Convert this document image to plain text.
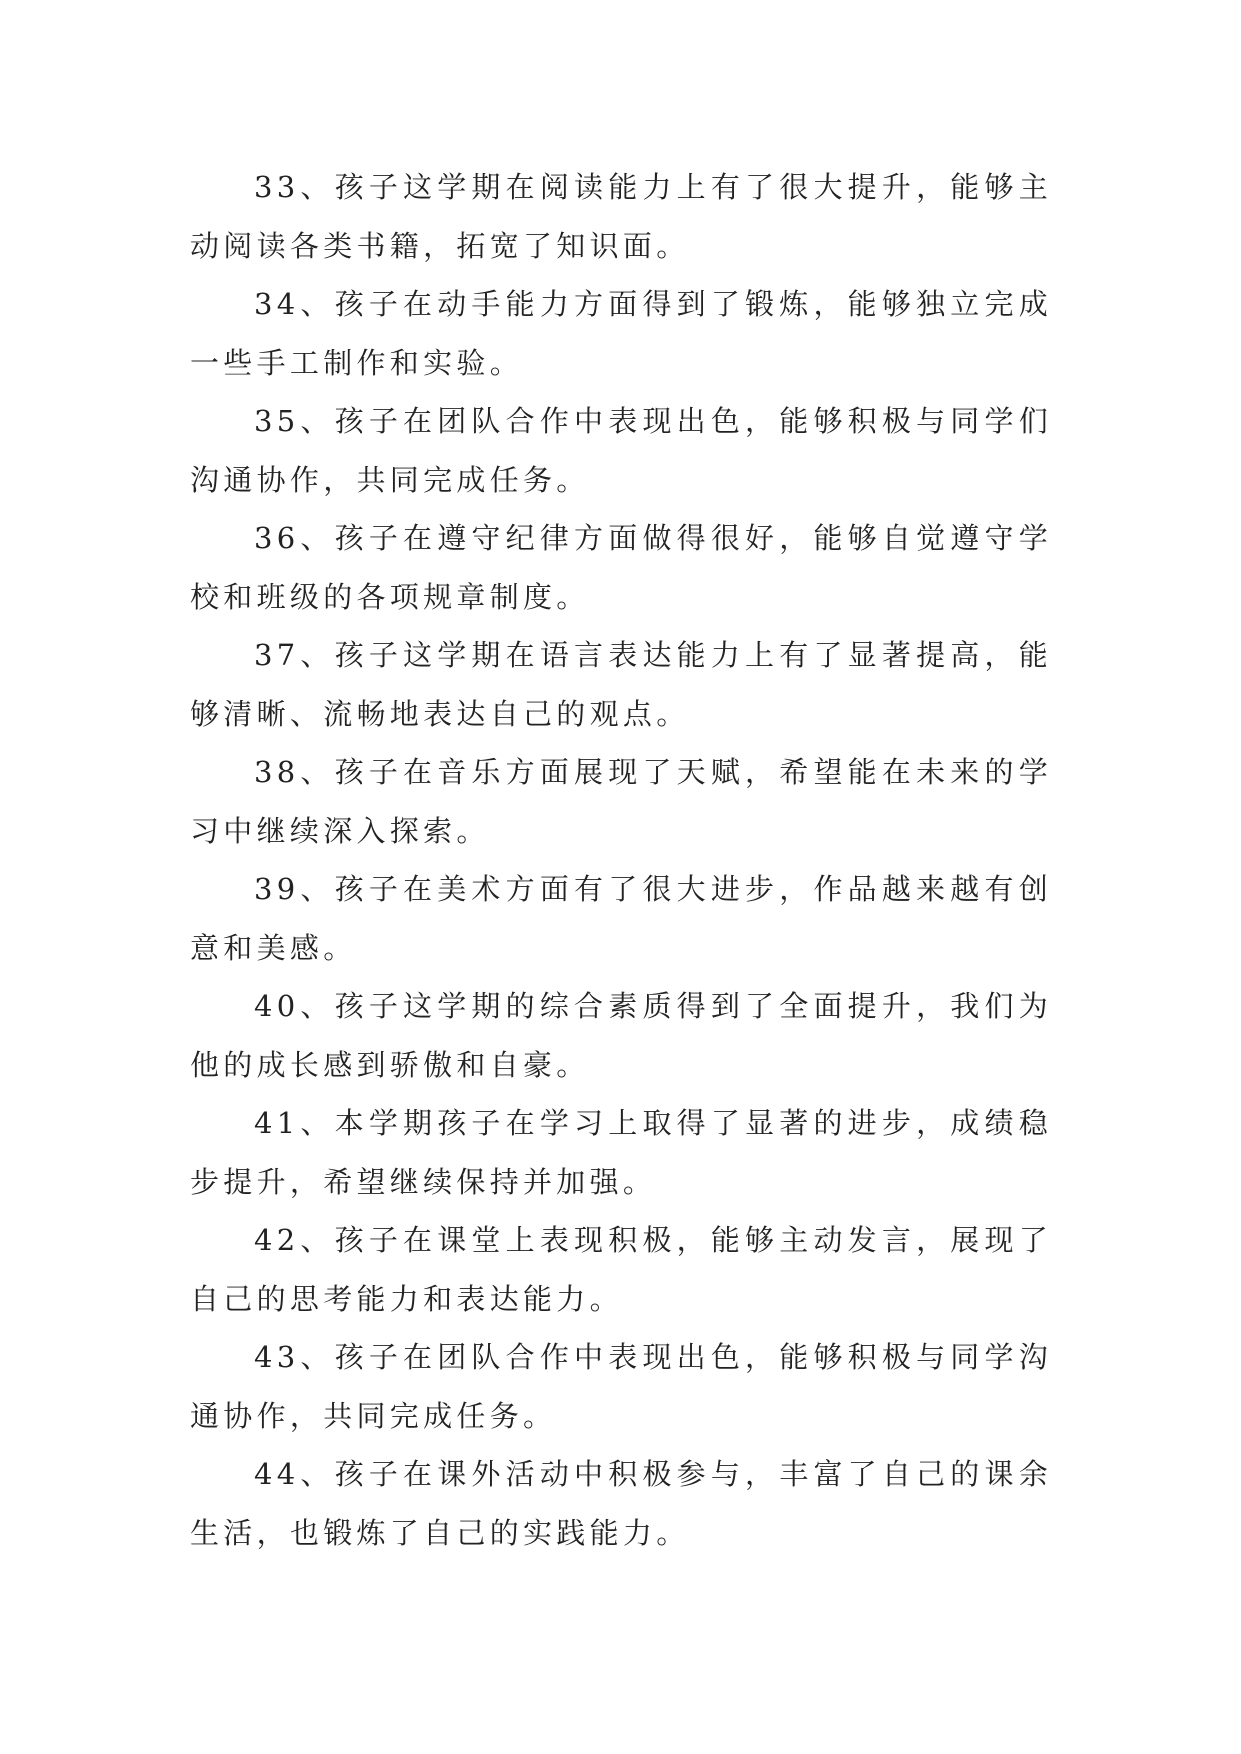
33、孩子这学期在阅读能力上有了很大提升，能够主动阅读各类书籍，拓宽了知识面。

34、孩子在动手能力方面得到了锻炼，能够独立完成一些手工制作和实验。

35、孩子在团队合作中表现出色，能够积极与同学们沟通协作，共同完成任务。

36、孩子在遵守纪律方面做得很好，能够自觉遵守学校和班级的各项规章制度。

37、孩子这学期在语言表达能力上有了显著提高，能够清晰、流畅地表达自己的观点。

38、孩子在音乐方面展现了天赋，希望能在未来的学习中继续深入探索。

39、孩子在美术方面有了很大进步，作品越来越有创意和美感。

40、孩子这学期的综合素质得到了全面提升，我们为他的成长感到骄傲和自豪。

41、本学期孩子在学习上取得了显著的进步，成绩稳步提升，希望继续保持并加强。

42、孩子在课堂上表现积极，能够主动发言，展现了自己的思考能力和表达能力。

43、孩子在团队合作中表现出色，能够积极与同学沟通协作，共同完成任务。

44、孩子在课外活动中积极参与，丰富了自己的课余生活，也锻炼了自己的实践能力。
